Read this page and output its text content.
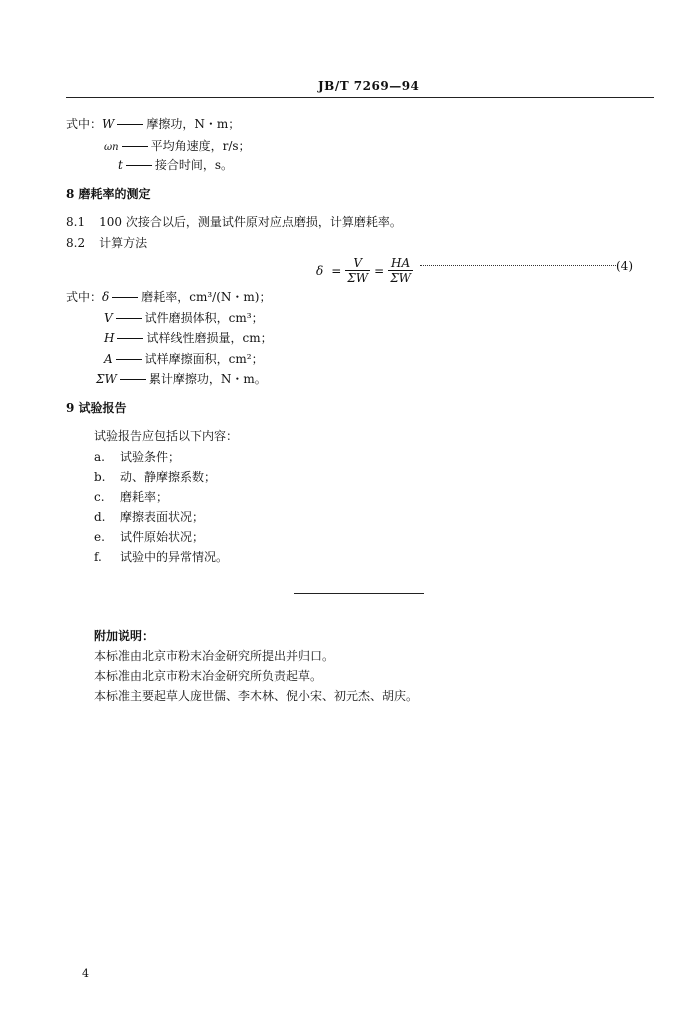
JB/T 7269—94
式中：W	摩擦功，N・m；
ωn	平均角速度，r/s；
t	接合时间，s。
8 磨耗率的测定
8.1 100 次接合以后，测量试件原对应点磨损，计算磨耗率。
8.2 计算方法
$\delta = \frac{V}{\Sigma W} = \frac{HA}{\Sigma W}$	(4)
式中：δ	磨耗率，cm³/(N・m)；
V	试件磨损体积，cm³；
H	试样线性磨损量，cm；
A	试样摩擦面积，cm²；
ΣW	累计摩擦功，N・m。
9 试验报告
试验报告应包括以下内容：
a. 试验条件；
b. 动、静摩擦系数；
c. 磨耗率；
d. 摩擦表面状况；
e. 试件原始状况；
f. 试验中的异常情况。
附加说明：
本标准由北京市粉末冶金研究所提出并归口。
本标准由北京市粉末冶金研究所负责起草。
本标准主要起草人庞世儒、李木林、倪小宋、初元杰、胡庆。
4
